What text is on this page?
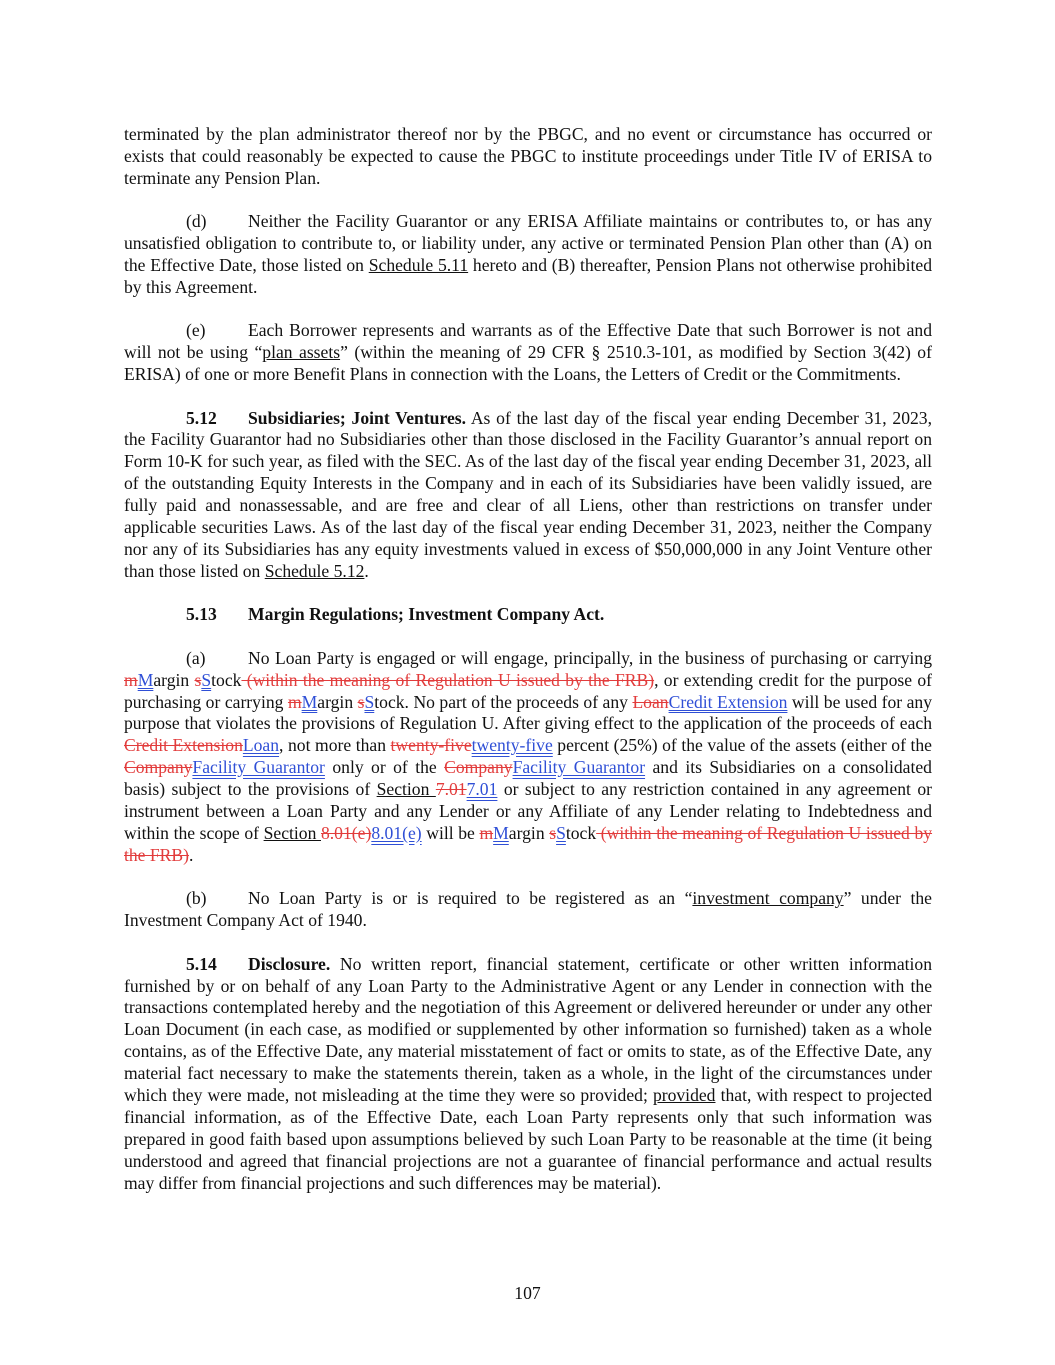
terminated by the plan administrator thereof nor by the PBGC, and no event or circumstance has occurred or exists that could reasonably be expected to cause the PBGC to institute proceedings under Title IV of ERISA to terminate any Pension Plan.

(d) Neither the Facility Guarantor or any ERISA Affiliate maintains or contributes to, or has any unsatisfied obligation to contribute to, or liability under, any active or terminated Pension Plan other than (A) on the Effective Date, those listed on Schedule 5.11 hereto and (B) thereafter, Pension Plans not otherwise prohibited by this Agreement.

(e) Each Borrower represents and warrants as of the Effective Date that such Borrower is not and will not be using “plan assets” (within the meaning of 29 CFR § 2510.3-101, as modified by Section 3(42) of ERISA) of one or more Benefit Plans in connection with the Loans, the Letters of Credit or the Commitments.

5.12 Subsidiaries; Joint Ventures. As of the last day of the fiscal year ending December 31, 2023, the Facility Guarantor had no Subsidiaries other than those disclosed in the Facility Guarantor’s annual report on Form 10-K for such year, as filed with the SEC. As of the last day of the fiscal year ending December 31, 2023, all of the outstanding Equity Interests in the Company and in each of its Subsidiaries have been validly issued, are fully paid and nonassessable, and are free and clear of all Liens, other than restrictions on transfer under applicable securities Laws. As of the last day of the fiscal year ending December 31, 2023, neither the Company nor any of its Subsidiaries has any equity investments valued in excess of $50,000,000 in any Joint Venture other than those listed on Schedule 5.12.

5.13 Margin Regulations; Investment Company Act.

(a) No Loan Party is engaged or will engage, principally, in the business of purchasing or carrying mMargin sStock (within the meaning of Regulation U issued by the FRB), or extending credit for the purpose of purchasing or carrying mMargin sStock. No part of the proceeds of any LoanCredit Extension will be used for any purpose that violates the provisions of Regulation U. After giving effect to the application of the proceeds of each Credit ExtensionLoan, not more than twenty-fivetwenty-five percent (25%) of the value of the assets (either of the CompanyFacility Guarantor only or of the CompanyFacility Guarantor and its Subsidiaries on a consolidated basis) subject to the provisions of Section 7.017.01 or subject to any restriction contained in any agreement or instrument between a Loan Party and any Lender or any Affiliate of any Lender relating to Indebtedness and within the scope of Section 8.01(e)8.01(e) will be mMargin sStock (within the meaning of Regulation U issued by the FRB).

(b) No Loan Party is or is required to be registered as an “investment company” under the Investment Company Act of 1940.

5.14 Disclosure. No written report, financial statement, certificate or other written information furnished by or on behalf of any Loan Party to the Administrative Agent or any Lender in connection with the transactions contemplated hereby and the negotiation of this Agreement or delivered hereunder or under any other Loan Document (in each case, as modified or supplemented by other information so furnished) taken as a whole contains, as of the Effective Date, any material misstatement of fact or omits to state, as of the Effective Date, any material fact necessary to make the statements therein, taken as a whole, in the light of the circumstances under which they were made, not misleading at the time they were so provided; provided that, with respect to projected financial information, as of the Effective Date, each Loan Party represents only that such information was prepared in good faith based upon assumptions believed by such Loan Party to be reasonable at the time (it being understood and agreed that financial projections are not a guarantee of financial performance and actual results may differ from financial projections and such differences may be material).

107
